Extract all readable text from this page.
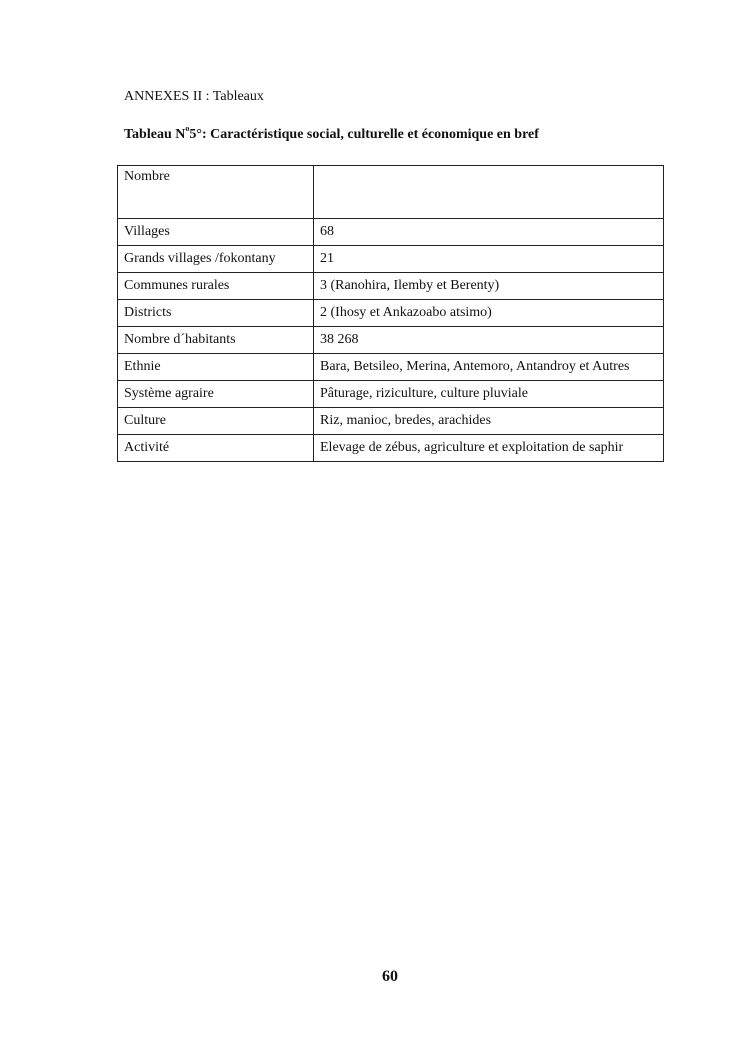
ANNEXES II : Tableaux
Tableau $N^o5^\circ$: Caractéristique social, culturelle et économique en bref
Nombre	
Villages	68
Grands villages /fokontany	21
Communes rurales	3 (Ranohira, Ilemby et Berenty)
Districts	2 (Ihosy et Ankazoabo atsimo)
Nombre d´habitants	38 268
Ethnie	Bara, Betsileo, Merina, Antemoro, Antandroy et Autres
Système agraire	Pâturage, riziculture, culture pluviale
Culture	Riz, manioc, bredes, arachides
Activité	Elevage de zébus, agriculture et exploitation de saphir
60
